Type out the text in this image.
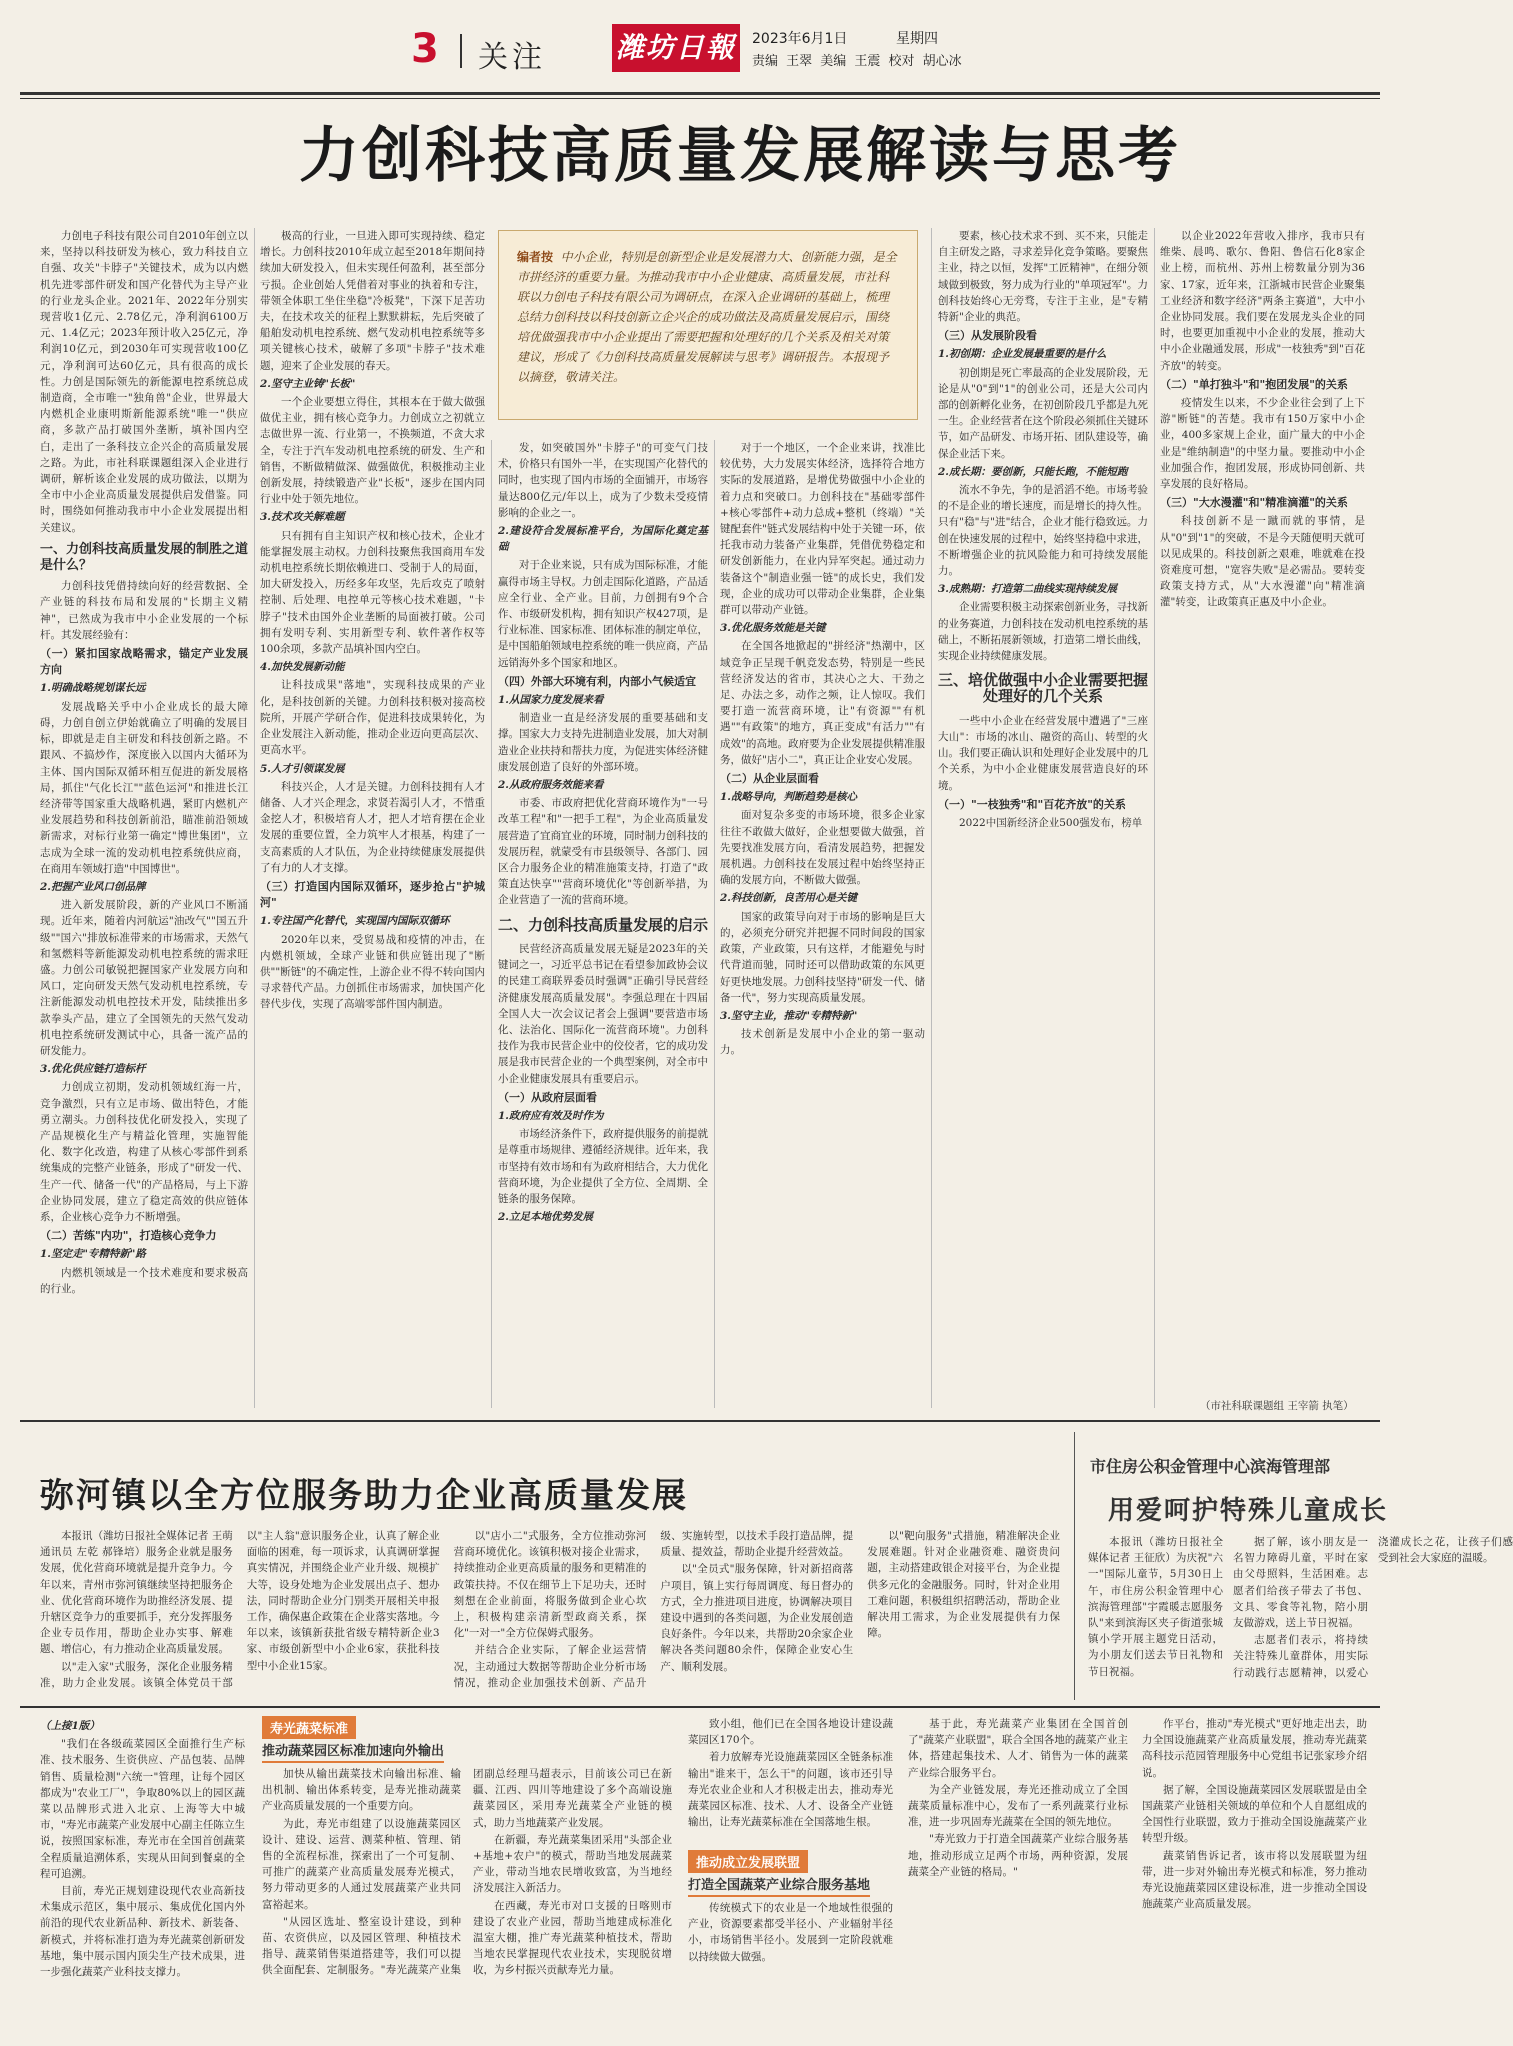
3 关注 潍坊日報 2023年6月1日	星期四
责编 王翠 美编 王震 校对 胡心冰
力创科技高质量发展解读与思考

编者按 中小企业，特别是创新型企业是发展潜力大、创新能力强，是全市拼经济的重要力量。为推动我市中小企业健康、高质量发展，市社科联以力创电子科技有限公司为调研点，在深入企业调研的基础上，梳理总结力创科技以科技创新立企兴企的成功做法及高质量发展启示，围绕培优做强我市中小企业提出了需要把握和处理好的几个关系及相关对策建议，形成了《力创科技高质量发展解读与思考》调研报告。本报现予以摘登，敬请关注。

力创电子科技有限公司自2010年创立以来，坚持以科技研发为核心，致力科技自立自强、攻关"卡脖子"关键技术，成为以内燃机先进零部件研发和国产化替代为主导产业的行业龙头企业。2021年、2022年分别实现营收1亿元、2.78亿元，净利润6100万元、1.4亿元；2023年预计收入25亿元，净利润10亿元，到2030年可实现营收100亿元，净利润可达60亿元，具有很高的成长性。力创是国际领先的新能源电控系统总成制造商，全市唯一"独角兽"企业，世界最大内燃机企业康明斯新能源系统"唯一"供应商，多款产品打破国外垄断，填补国内空白，走出了一条科技立企兴企的高质量发展之路。为此，市社科联课题组深入企业进行调研，解析该企业发展的成功做法，以期为全市中小企业高质量发展提供启发借鉴。同时，围绕如何推动我市中小企业发展提出相关建议。

一、力创科技高质量发展的制胜之道是什么？

力创科技凭借持续向好的经营数据、全产业链的科技布局和发展的"长期主义精神"，已然成为我市中小企业发展的一个标杆。其发展经验有：

（一）紧扣国家战略需求，锚定产业发展方向
1.明确战略规划谋长远

发展战略关乎中小企业成长的最大障碍，力创自创立伊始就确立了明确的发展目标，即就是走自主研发和科技创新之路。不跟风、不搞炒作，深度嵌入以国内大循环为主体、国内国际双循环相互促进的新发展格局，抓住"气化长江""蓝色运河"和推进长江经济带等国家重大战略机遇，紧盯内燃机产业发展趋势和科技创新前沿，瞄准前沿领域新需求，对标行业第一确定"博世集团"，立志成为全球一流的发动机电控系统供应商，在商用车领域打造"中国博世"。

2.把握产业风口创品牌

进入新发展阶段，新的产业风口不断涌现。近年来，随着内河航运"油改气""国五升级""国六"排放标准带来的市场需求，天然气和氢燃料等新能源发动机电控系统的需求旺盛。力创公司敏锐把握国家产业发展方向和风口，定向研发天然气发动机电控系统，专注新能源发动机电控技术开发，陆续推出多款拳头产品，建立了全国领先的天然气发动机电控系统研发测试中心，具备一流产品的研发能力。

3.优化供应链打造标杆

力创成立初期，发动机领域红海一片，竞争激烈，只有立足市场、做出特色，才能勇立潮头。力创科技优化研发投入，实现了产品规模化生产与精益化管理，实施智能化、数字化改造，构建了从核心零部件到系统集成的完整产业链条，形成了"研发一代、生产一代、储备一代"的产品格局，与上下游企业协同发展，建立了稳定高效的供应链体系，企业核心竞争力不断增强。

（二）苦练"内功"，打造核心竞争力
1.坚定走"专精特新"路

内燃机领域是一个技术难度和要求极高的行业。

极高的行业，一旦进入即可实现持续、稳定增长。力创科技2010年成立起至2018年期间持续加大研发投入，但未实现任何盈利，甚至部分亏损。企业创始人凭借着对事业的执着和专注，带领全体职工坐住坐稳"冷板凳"，下深下足苦功夫，在技术攻关的征程上默默耕耘，先后突破了船舶发动机电控系统、燃气发动机电控系统等多项关键核心技术，破解了多项"卡脖子"技术难题，迎来了企业发展的春天。

2.坚守主业铸"长板"

一个企业要想立得住，其根本在于做大做强做优主业，拥有核心竞争力。力创成立之初就立志做世界一流、行业第一，不换频道，不贪大求全，专注于汽车发动机电控系统的研发、生产和销售，不断做精做深、做强做优，积极推动主业创新发展，持续锻造产业"长板"，逐步在国内同行业中处于领先地位。

3.技术攻关解难题

只有拥有自主知识产权和核心技术，企业才能掌握发展主动权。力创科技聚焦我国商用车发动机电控系统长期依赖进口、受制于人的局面，加大研发投入，历经多年攻坚，先后攻克了喷射控制、后处理、电控单元等核心技术难题，"卡脖子"技术由国外企业垄断的局面被打破。公司拥有发明专利、实用新型专利、软件著作权等100余项，多款产品填补国内空白。

4.加快发展新动能

让科技成果"落地"，实现科技成果的产业化，是科技创新的关键。力创科技积极对接高校院所，开展产学研合作，促进科技成果转化，为企业发展注入新动能，推动企业迈向更高层次、更高水平。

5.人才引领谋发展

科技兴企，人才是关键。力创科技拥有人才储备、人才兴企理念，求贤若渴引人才，不惜重金挖人才，积极培育人才，把人才培育摆在企业发展的重要位置，全力筑牢人才根基，构建了一支高素质的人才队伍，为企业持续健康发展提供了有力的人才支撑。

（三）打造国内国际双循环，逐步抢占"护城河"
1.专注国产化替代，实现国内国际双循环

2020年以来，受贸易战和疫情的冲击，在内燃机领域，全球产业链和供应链出现了"断供""断链"的不确定性，上游企业不得不转向国内寻求替代产品。力创抓住市场需求，加快国产化替代步伐，实现了高端零部件国内制造。

发，如突破国外"卡脖子"的可变气门技术，价格只有国外一半，在实现国产化替代的同时，也实现了国内市场的全面铺开，市场容量达800亿元/年以上，成为了少数未受疫情影响的企业之一。

2.建设符合发展标准平台，为国际化奠定基础

对于企业来说，只有成为国际标准，才能赢得市场主导权。力创走国际化道路，产品适应全行业、全产业。目前，力创拥有9个合作、市级研发机构，拥有知识产权427项，是行业标准、国家标准、团体标准的制定单位，是中国船舶领域电控系统的唯一供应商，产品远销海外多个国家和地区。

（四）外部大环境有利，内部小气候适宜
1.从国家力度发展来看

制造业一直是经济发展的重要基础和支撑。国家大力支持先进制造业发展，加大对制造业企业扶持和帮扶力度，为促进实体经济健康发展创造了良好的外部环境。

2.从政府服务效能来看

市委、市政府把优化营商环境作为"一号改革工程"和"一把手工程"，为企业高质量发展营造了宜商宜业的环境，同时制力创科技的发展历程，就蒙受有市县级领导、各部门、园区合力服务企业的精准施策支持，打造了"政策直达快享""营商环境优化"等创新举措，为企业营造了一流的营商环境。

二、力创科技高质量发展的启示

民营经济高质量发展无疑是2023年的关键词之一，习近平总书记在看望参加政协会议的民建工商联界委员时强调"正确引导民营经济健康发展高质量发展"。李强总理在十四届全国人大一次会议记者会上强调"要营造市场化、法治化、国际化一流营商环境"。力创科技作为我市民营企业中的佼佼者，它的成功发展是我市民营企业的一个典型案例，对全市中小企业健康发展具有重要启示。

（一）从政府层面看
1.政府应有效及时作为

市场经济条件下，政府提供服务的前提就是尊重市场规律、遵循经济规律。近年来，我市坚持有效市场和有为政府相结合，大力优化营商环境，为企业提供了全方位、全周期、全链条的服务保障。

2.立足本地优势发展

对于一个地区，一个企业来讲，找准比较优势，大力发展实体经济，选择符合地方实际的发展道路，是增优势做强中小企业的着力点和突破口。力创科技在"基础零部件+核心零部件+动力总成+整机（终端）"关键配套件"链式发展结构中处于关键一环，依托我市动力装备产业集群，凭借优势稳定和研发创新能力，在业内异军突起。通过动力装备这个"制造业强一链"的成长史，我们发现，企业的成功可以带动企业集群，企业集群可以带动产业链。

3.优化服务效能是关键

在全国各地掀起的"拼经济"热潮中，区域竞争正呈现千帆竞发态势，特别是一些民营经济发达的省市，其决心之大、干劲之足、办法之多，动作之频，让人惊叹。我们要打造一流营商环境，让"有资源""有机遇""有政策"的地方，真正变成"有活力""有成效"的高地。政府要为企业发展提供精准服务，做好"店小二"，真正让企业安心发展。

（二）从企业层面看
1.战略导向，判断趋势是核心

面对复杂多变的市场环境，很多企业家往往不敢做大做好，企业想要做大做强，首先要找准发展方向，看清发展趋势，把握发展机遇。力创科技在发展过程中始终坚持正确的发展方向，不断做大做强。

2.科技创新，良苦用心是关键

国家的政策导向对于市场的影响是巨大的，必须充分研究并把握不同时间段的国家政策，产业政策，只有这样，才能避免与时代背道而驰，同时还可以借助政策的东风更好更快地发展。力创科技坚持"研发一代、储备一代"，努力实现高质量发展。

3.坚守主业，推动"专精特新"

技术创新是发展中小企业的第一驱动力。

要素，核心技术求不到、买不来，只能走自主研发之路，寻求差异化竞争策略。要聚焦主业，持之以恒，发挥"工匠精神"，在细分领域做到极致，努力成为行业的"单项冠军"。力创科技始终心无旁骛，专注于主业，是"专精特新"企业的典范。

（三）从发展阶段看
1.初创期：企业发展最重要的是什么

初创期是死亡率最高的企业发展阶段，无论是从"0"到"1"的创业公司，还是大公司内部的创新孵化业务，在初创阶段几乎都是九死一生。企业经营者在这个阶段必须抓住关键环节，如产品研发、市场开拓、团队建设等，确保企业活下来。

2.成长期：要创新，只能长跑，不能短跑

流水不争先，争的是滔滔不绝。市场考验的不是企业的增长速度，而是增长的持久性。只有"稳"与"进"结合，企业才能行稳致远。力创在快速发展的过程中，始终坚持稳中求进，不断增强企业的抗风险能力和可持续发展能力。

3.成熟期：打造第二曲线实现持续发展

企业需要积极主动探索创新业务，寻找新的业务赛道，力创科技在发动机电控系统的基础上，不断拓展新领域，打造第二增长曲线，实现企业持续健康发展。

三、培优做强中小企业需要把握处理好的几个关系

一些中小企业在经营发展中遭遇了"三座大山"：市场的冰山、融资的高山、转型的火山。我们要正确认识和处理好企业发展中的几个关系，为中小企业健康发展营造良好的环境。

（一）"一枝独秀"和"百花齐放"的关系

2022中国新经济企业500强发布，榜单

以企业2022年营收入排序，我市只有维柴、晨鸣、歌尔、鲁阳、鲁信石化8家企业上榜，而杭州、苏州上榜数量分别为36家、17家，近年来，江浙城市民营企业聚集工业经济和数字经济"两条主赛道"，大中小企业协同发展。我们要在发展龙头企业的同时，也要更加重视中小企业的发展，推动大中小企业融通发展，形成"一枝独秀"到"百花齐放"的转变。

（二）"单打独斗"和"抱团发展"的关系

疫情发生以来，不少企业往会到了上下游"断链"的苦楚。我市有150万家中小企业，400多家规上企业，面广量大的中小企业是"维纳制造"的中坚力量。要推动中小企业加强合作，抱团发展，形成协同创新、共享发展的良好格局。

（三）"大水漫灌"和"精准滴灌"的关系

科技创新不是一蹴而就的事情，是从"0"到"1"的突破，不是今天随便明天就可以见成果的。科技创新之艰难，唯就难在投资难度可想，"宽容失败"是必需品。要转变政策支持方式，从"大水漫灌"向"精准滴灌"转变，让政策真正惠及中小企业。

（市社科联课题组 王宰箭 执笔）
弥河镇以全方位服务助力企业高质量发展

本报讯（潍坊日报社全媒体记者 王萌 通讯员 左乾 郝锋培）服务企业就是服务发展，优化营商环境就是提升竞争力。今年以来，青州市弥河镇继续坚持把服务企业、优化营商环境作为助推经济发展、提升辖区竞争力的重要抓手，充分发挥服务企业专员作用，帮助企业办实事、解难题、增信心，有力推动企业高质量发展。

以"走入家"式服务，深化企业服务精准，助力企业发展。该镇全体党员干部以"主人翁"意识服务企业，认真了解企业面临的困难，每一项诉求，认真调研掌握真实情况，并围绕企业产业升级、规模扩大等，设身处地为企业发展出点子、想办法，同时帮助企业分门别类开展相关申报工作，确保惠企政策在企业落实落地。今年以来，该镇新获批省级专精特新企业3家、市级创新型中小企业6家，获批科技型中小企业15家。

以"店小二"式服务，全方位推动弥河营商环境优化。该镇积极对接企业需求，持续推动企业更高质量的服务和更精准的政策扶持。不仅在细节上下足功夫，还时刻想在企业前面，将服务做到企业心坎上，积极构建亲清新型政商关系，探化"一对一"全方位保姆式服务。

并结合企业实际，了解企业运营情况，主动通过大数据等帮助企业分析市场情况，推动企业加强技术创新、产品升级、实施转型，以技术手段打造品牌，提质量、提效益，帮助企业提升经营效益。

以"全员式"服务保障，针对新招商落户项目，镇上实行每周调度、每日督办的方式，全力推进项目进度，协调解决项目建设中遇到的各类问题，为企业发展创造良好条件。今年以来，共帮助20余家企业解决各类问题80余件，保障企业安心生产、顺利发展。

以"靶向服务"式措施，精准解决企业发展难题。针对企业融资难、融资贵问题，主动搭建政银企对接平台，为企业提供多元化的金融服务。同时，针对企业用工难问题，积极组织招聘活动，帮助企业解决用工需求，为企业发展提供有力保障。

市住房公积金管理中心滨海管理部
用爱呵护特殊儿童成长

本报讯（潍坊日报社全媒体记者 王征欣）为庆祝"六一"国际儿童节，5月30日上午，市住房公积金管理中心滨海管理部"宇霞暖志愿服务队"来到滨海区夹子街道张城镇小学开展主题党日活动，为小朋友们送去节日礼物和节日祝福。

据了解，该小朋友是一名智力障碍儿童，平时在家由父母照料，生活困难。志愿者们给孩子带去了书包、文具、零食等礼物，陪小朋友做游戏，送上节日祝福。

志愿者们表示，将持续关注特殊儿童群体，用实际行动践行志愿精神，以爱心浇灌成长之花，让孩子们感受到社会大家庭的温暖。

（上接1版）

"我们在各级疏菜园区全面推行生产标准、技术服务、生资供应、产品包装、品牌销售、质量检测"六统一"管理，让每个园区都成为"农业工厂"，争取80%以上的园区蔬菜以品牌形式进入北京、上海等大中城市，"寿光市蔬菜产业发展中心副主任陈立生说，按照国家标准，寿光市在全国首创蔬菜全程质量追溯体系，实现从田间到餐桌的全程可追溯。

目前，寿光正规划建设现代农业高新技术集成示范区，集中展示、集成优化国内外前沿的现代农业新品种、新技术、新装备、新模式，并将标准打造为寿光蔬菜创新研发基地，集中展示国内顶尖生产技术成果，进一步强化蔬菜产业科技支撑力。

寿光蔬菜标准
推动蔬菜园区标准加速向外输出

加快从输出蔬菜技术向输出标准、输出机制、输出体系转变，是寿光推动蔬菜产业高质量发展的一个重要方向。

为此，寿光市组建了以设施蔬菜园区设计、建设、运营、测菜种植、管理、销售的全流程标准，探索出了一个可复制、可推广的蔬菜产业高质量发展寿光模式，努力带动更多的人通过发展蔬菜产业共同富裕起来。

"从园区选址、整室设计建设，到种苗、农资供应，以及园区管理、种植技术指导、蔬菜销售渠道搭建等，我们可以提供全面配套、定制服务。"寿光蔬菜产业集团副总经理马超表示，目前该公司已在新疆、江西、四川等地建设了多个高端设施蔬菜园区，采用寿光蔬菜全产业链的模式，助力当地蔬菜产业发展。

在新疆，寿光蔬菜集团采用"头部企业+基地+农户"的模式，帮助当地发展蔬菜产业，带动当地农民增收致富，为当地经济发展注入新活力。

在西藏，寿光市对口支援的日喀则市建设了农业产业园，帮助当地建成标准化温室大棚，推广寿光蔬菜种植技术，帮助当地农民掌握现代农业技术，实现脱贫增收，为乡村振兴贡献寿光力量。

致小组，他们已在全国各地设计建设蔬菜园区170个。

着力放解寿光设施蔬菜园区全链条标准输出"谁来干，怎么干"的问题，该市还引导寿光农业企业和人才积极走出去，推动寿光蔬菜园区标准、技术、人才、设备全产业链输出，让寿光蔬菜标准在全国落地生根。

推动成立发展联盟
打造全国蔬菜产业综合服务基地

传统模式下的农业是一个地域性很强的产业，资源要素都受半径小、产业辐射半径小，市场销售半径小。发展到一定阶段就难以持续做大做强。

基于此，寿光蔬菜产业集团在全国首创了"蔬菜产业联盟"，联合全国各地的蔬菜产业主体，搭建起集技术、人才、销售为一体的蔬菜产业综合服务平台。

为全产业链发展，寿光还推动成立了全国蔬菜质量标准中心，发布了一系列蔬菜行业标准，进一步巩固寿光蔬菜在全国的领先地位。

"寿光致力于打造全国蔬菜产业综合服务基地，推动形成立足两个市场，两种资源，发展蔬菜全产业链的格局。"

作平台，推动"寿光模式"更好地走出去，助力全国设施蔬菜产业高质量发展，推动寿光蔬菜高科技示范园管理服务中心党组书记张家珍介绍说。

据了解，全国设施蔬菜园区发展联盟是由全国蔬菜产业链相关领域的单位和个人自愿组成的全国性行业联盟，致力于推动全国设施蔬菜产业转型升级。

蔬菜销售诉记者，该市将以发展联盟为纽带，进一步对外输出寿光模式和标准，努力推动寿光设施蔬菜园区建设标准，进一步推动全国设施蔬菜产业高质量发展。
